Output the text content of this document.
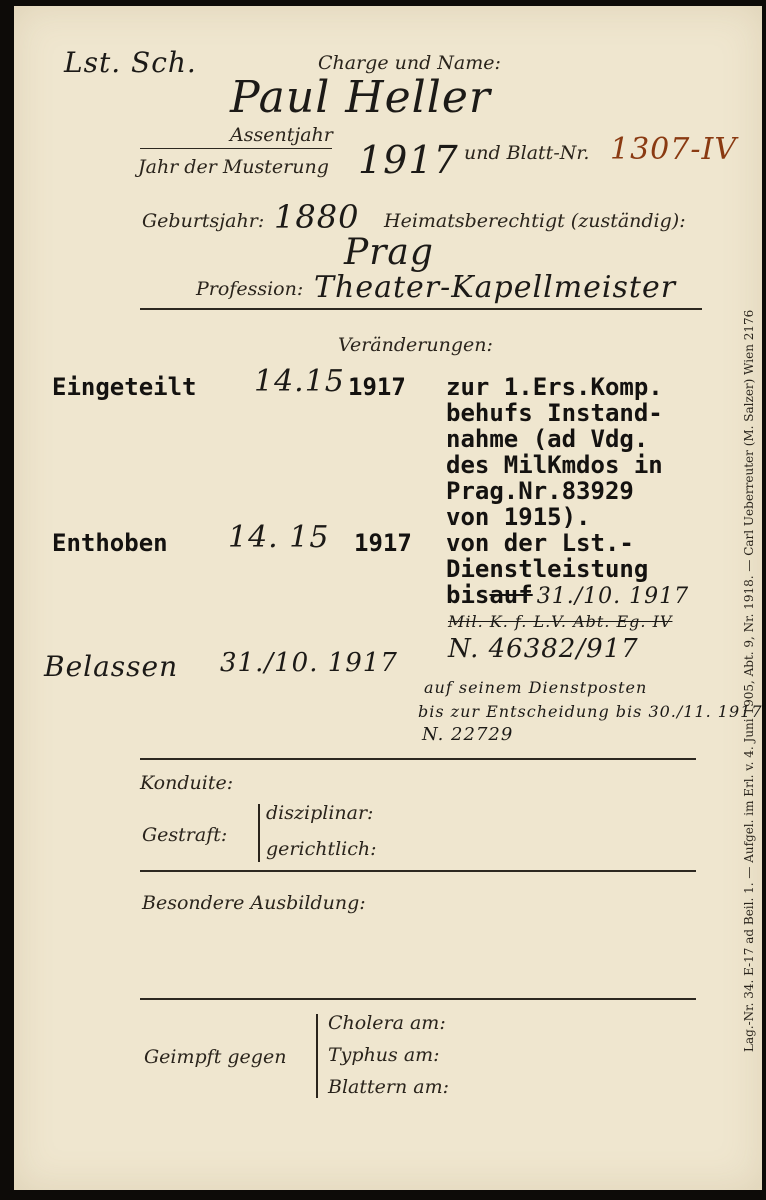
Lst. Sch.	Charge und Name:
Paul Heller
Assentjahr
Jahr der Musterung 1917 und Blatt-Nr. 1307-IV
Geburtsjahr: 1880 Heimatsberechtigt (zuständig):
Prag
Profession: Theater-Kapellmeister
Veränderungen:
Eingeteilt 14.15 1917 zur 1.Ers.Komp.
behufs Instand-
nahme (ad Vdg.
des MilKmdos in
Prag.Nr.83929
von 1915).
Enthoben 14. 15 1917 von der Lst.-
Dienstleistung
bisauf 31./10. 1917
Mil. K. f. L.V. Abt. Eg. IV
N. 46382/917
Belassen 31./10. 1917
auf seinem Dienstposten
bis zur Entscheidung bis 30./11. 1917
N. 22729
Konduite:
Gestraft:
disziplinar:
gerichtlich:
Besondere Ausbildung:
Geimpft gegen
Cholera am:
Typhus am:
Blattern am:
Lag.-Nr. 34. E-17 ad Beil. 1. — Aufgel. im Erl. v. 4. Juni 1905, Abt. 9, Nr. 1918. — Carl Ueberreuter (M. Salzer) Wien 2176
